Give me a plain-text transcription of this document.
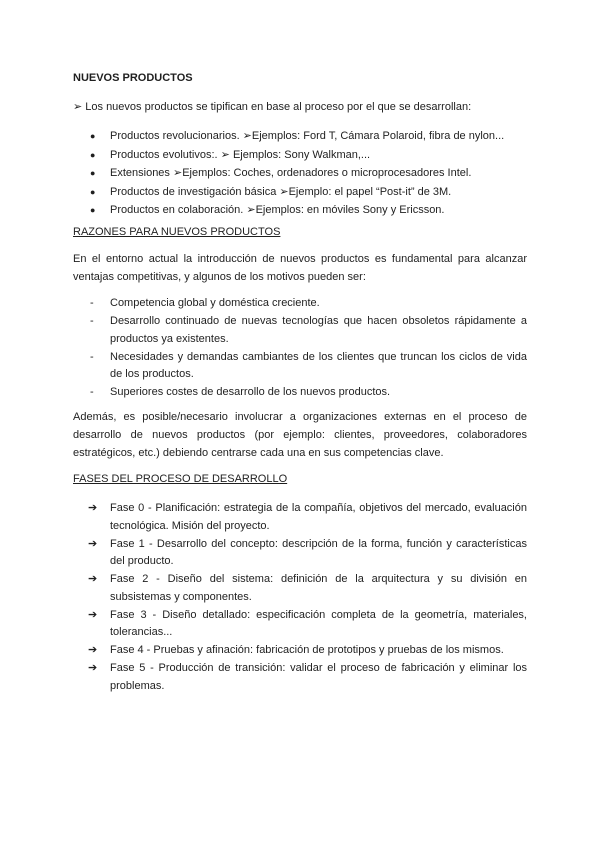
NUEVOS PRODUCTOS

➢ Los nuevos productos se tipifican en base al proceso por el que se desarrollan:

● Productos revolucionarios. ➢Ejemplos: Ford T, Cámara Polaroid, fibra de nylon...
● Productos evolutivos:. ➢ Ejemplos: Sony Walkman,...
● Extensiones ➢Ejemplos: Coches, ordenadores o microprocesadores Intel.
● Productos de investigación básica ➢Ejemplo: el papel “Post-it” de 3M.
● Productos en colaboración. ➢Ejemplos: en móviles Sony y Ericsson.
RAZONES PARA NUEVOS PRODUCTOS

En el entorno actual la introducción de nuevos productos es fundamental para alcanzar ventajas competitivas, y algunos de los motivos pueden ser:

- Competencia global y doméstica creciente.
- Desarrollo continuado de nuevas tecnologías que hacen obsoletos rápidamente a productos ya existentes.
- Necesidades y demandas cambiantes de los clientes que truncan los ciclos de vida de los productos.
- Superiores costes de desarrollo de los nuevos productos.

Además, es posible/necesario involucrar a organizaciones externas en el proceso de desarrollo de nuevos productos (por ejemplo: clientes, proveedores, colaboradores estratégicos, etc.) debiendo centrarse cada una en sus competencias clave.

FASES DEL PROCESO DE DESARROLLO
➔ Fase 0 - Planificación: estrategia de la compañía, objetivos del mercado, evaluación tecnológica. Misión del proyecto.
➔ Fase 1 - Desarrollo del concepto: descripción de la forma, función y características del producto.
➔ Fase 2 - Diseño del sistema: definición de la arquitectura y su división en subsistemas y componentes.
➔ Fase 3 - Diseño detallado: especificación completa de la geometría, materiales, tolerancias...
➔ Fase 4 - Pruebas y afinación: fabricación de prototipos y pruebas de los mismos.
➔ Fase 5 - Producción de transición: validar el proceso de fabricación y eliminar los problemas.
